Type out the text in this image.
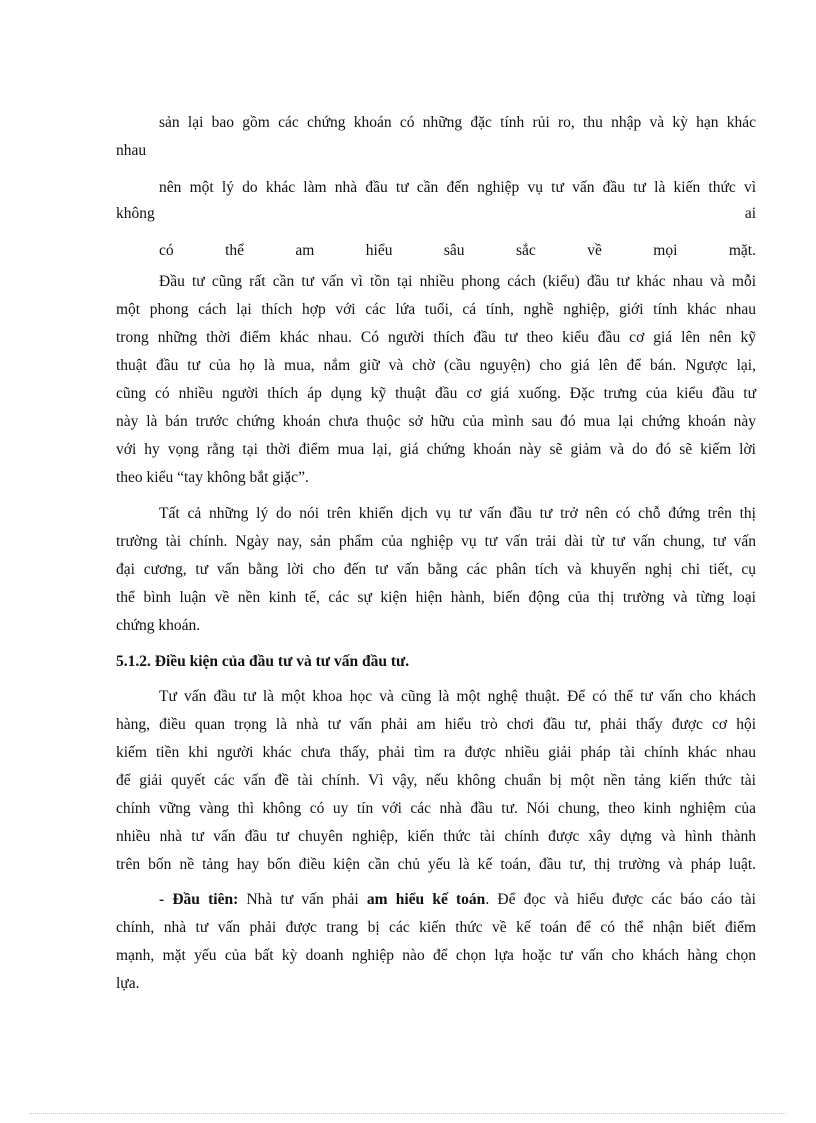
sản lại bao gồm các chứng khoán có những đặc tính rủi ro, thu nhập và kỳ hạn khác
nhau
nên một lý do khác làm nhà đầu tư cần đến nghiệp vụ tư vấn đầu tư là kiến thức vì
không	ai
có	thể	am	hiểu	sâu	sắc	về	mọi	mặt.
Đầu tư cũng rất cần tư vấn vì tồn tại nhiều phong cách (kiểu) đầu tư khác nhau và mỗi
một phong cách lại thích hợp với các lứa tuổi, cá tính, nghề nghiệp, giới tính khác nhau
trong những thời điểm khác nhau. Có người thích đầu tư theo kiểu đầu cơ giá lên nên kỹ
thuật đầu tư của họ là mua, nắm giữ và chờ (cầu nguyện) cho giá lên để bán. Ngược lại,
cũng có nhiều người thích áp dụng kỹ thuật đầu cơ giá xuống. Đặc trưng của kiểu đầu tư
này là bán trước chứng khoán chưa thuộc sở hữu của mình sau đó mua lại chứng khoán này
với hy vọng rằng tại thời điểm mua lại, giá chứng khoán này sẽ giảm và do đó sẽ kiếm lời
theo kiểu “tay không bắt giặc”.
Tất cả những lý do nói trên khiến dịch vụ tư vấn đầu tư trở nên có chỗ đứng trên thị
trường tài chính. Ngày nay, sản phẩm của nghiệp vụ tư vấn trải dài từ tư vấn chung, tư vấn
đại cương, tư vấn bằng lời cho đến tư vấn bằng các phân tích và khuyến nghị chi tiết, cụ
thể bình luận về nền kinh tế, các sự kiện hiện hành, biến động của thị trường và từng loại
chứng khoán.
5.1.2. Điều kiện của đầu tư và tư vấn đầu tư.
Tư vấn đầu tư là một khoa học và cũng là một nghệ thuật. Để có thể tư vấn cho khách
hàng, điều quan trọng là nhà tư vấn phải am hiểu trò chơi đầu tư, phải thấy được cơ hội
kiếm tiền khi người khác chưa thấy, phải tìm ra được nhiều giải pháp tài chính khác nhau
để giải quyết các vấn đề tài chính. Vì vậy, nếu không chuẩn bị một nền tảng kiến thức tài
chính vững vàng thì không có uy tín với các nhà đầu tư. Nói chung, theo kinh nghiệm của
nhiều nhà tư vấn đầu tư chuyên nghiệp, kiến thức tài chính được xây dựng và hình thành
trên bốn nề tảng hay bốn điều kiện cần chủ yếu là kế toán, đầu tư, thị trường và pháp luật.
- Đầu tiên: Nhà tư vấn phải am hiểu kế toán. Để đọc và hiểu được các báo cáo tài
chính, nhà tư vấn phải được trang bị các kiến thức về kế toán để có thể nhận biết điểm
mạnh, mặt yếu của bất kỳ doanh nghiệp nào để chọn lựa hoặc tư vấn cho khách hàng chọn
lựa.
